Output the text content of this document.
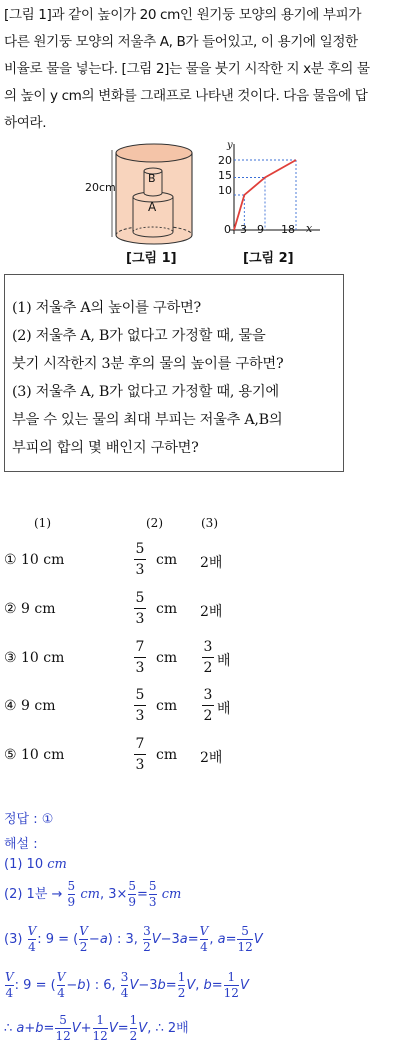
[그림 1]과 같이 높이가 20 cm인 원기둥 모양의 용기에 부피가
다른 원기둥 모양의 저울추 A, B가 들어있고, 이 용기에 일정한
비율로 물을 넣는다. [그림 2]는 물을 붓기 시작한 지 x분 후의 물
의 높이 y cm의 변화를 그래프로 나타낸 것이다. 다음 물음에 답
하여라.
20cm
B
A
[그림 1]
y
x
0
20
15
10
3 9 18
[그림 2]
(1) 저울추 A의 높이를 구하면?
(2) 저울추 A, B가 없다고 가정할 때, 물을
붓기 시작한지 3분 후의 물의 높이를 구하면?
(3) 저울추 A, B가 없다고 가정할 때, 용기에
부을 수 있는 물의 최대 부피는 저울추 A,B의
부피의 합의 몇 배인지 구하면?
(1)	(2)	(3)
① 10 cm
5
3
cm 2배
② 9 cm
5
3
cm 2배
③ 10 cm
7
3
cm
3
2 배
④ 9 cm
5
3
cm
3
2 배
⑤ 10 cm
7
3
cm 2배
정답 : ①
해설 :
(1) 10 cm
(2) 1분 → $\frac{5}{9}$ cm, $3\times \frac{5}{9} = \frac{5}{3}$ cm
$(3) \frac{V}{4}$ : 9 = ( $\frac{V}{2} -a$) : 3, $\frac{3}{2} V-3a= \frac{V}{4}$ , $a= \frac{5}{12}$ V
$\frac{V}{4}$ : 9 = ( $\frac{V}{4} -b$) : 6, $\frac{3}{4} V-3b= \frac{1}{2} V$, $b= \frac{1}{12}$ V
∴ $a+b= \frac{5}{12} V+ \frac{1}{12} V= \frac{1}{2} V$, ∴ 2배
